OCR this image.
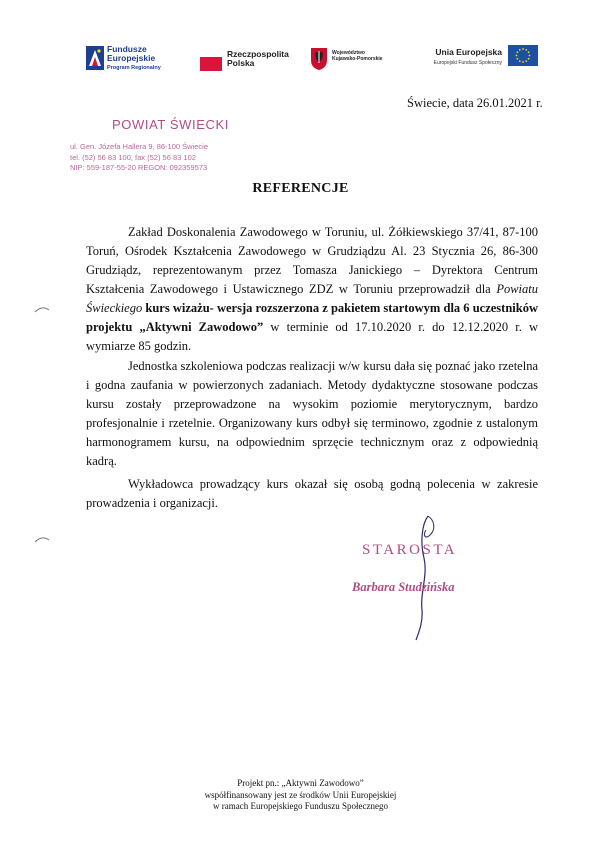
Fundusze
Europejskie
Program Regionalny
Rzeczpospolita
Polska
Województwo
Kujawsko-Pomorskie
Unia Europejska
Europejski Fundusz Społeczny
Świecie, data 26.01.2021 r.
POWIAT ŚWIECKI
ul. Gen. Józefa Hallera 9, 86-100 Świecie
tel. (52) 56 83 100, fax (52) 56 83 102
NIP: 559-187-55-20 REGON: 092359573
REFERENCJE
Zakład Doskonalenia Zawodowego w Toruniu, ul. Żółkiewskiego 37/41, 87-100 Toruń, Ośrodek Kształcenia Zawodowego w Grudziądzu Al. 23 Stycznia 26, 86-300 Grudziądz, reprezentowanym przez Tomasza Janickiego – Dyrektora Centrum Kształcenia Zawodowego i Ustawicznego ZDZ w Toruniu przeprowadził dla Powiatu Świeckiego kurs wizażu- wersja rozszerzona z pakietem startowym dla 6 uczestników projektu „Aktywni Zawodowo” w terminie od 17.10.2020 r. do 12.12.2020 r. w wymiarze 85 godzin.
Jednostka szkoleniowa podczas realizacji w/w kursu dała się poznać jako rzetelna i godna zaufania w powierzonych zadaniach. Metody dydaktyczne stosowane podczas kursu zostały przeprowadzone na wysokim poziomie merytorycznym, bardzo profesjonalnie i rzetelnie. Organizowany kurs odbył się terminowo, zgodnie z ustalonym harmonogramem kursu, na odpowiednim sprzęcie technicznym oraz z odpowiednią kadrą.
Wykładowca prowadzący kurs okazał się osobą godną polecenia w zakresie prowadzenia i organizacji.
STAROSTA
Barbara Studzińska
Projekt pn.: „Aktywni Zawodowo”
współfinansowany jest ze środków Unii Europejskiej
w ramach Europejskiego Funduszu Społecznego
